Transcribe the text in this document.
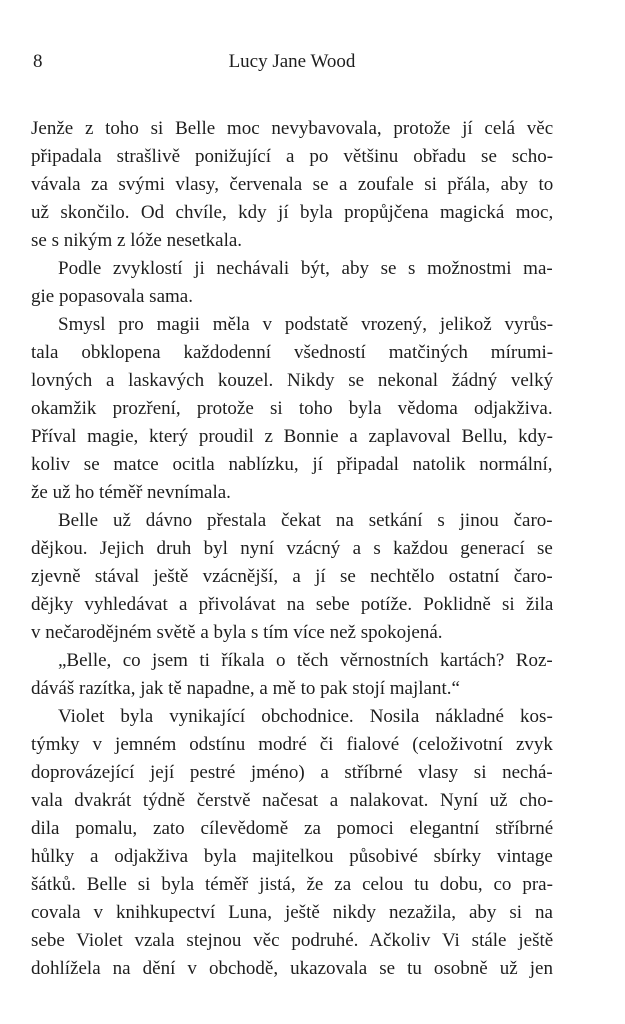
8	Lucy Jane Wood
Jenže z toho si Belle moc nevybavovala, protože jí celá věc
připadala strašlivě ponižující a po většinu obřadu se scho-
vávala za svými vlasy, červenala se a zoufale si přála, aby to
už skončilo. Od chvíle, kdy jí byla propůjčena magická moc,
se s nikým z lóže nesetkala.
Podle zvyklostí ji nechávali být, aby se s možnostmi ma-
gie popasovala sama.
Smysl pro magii měla v podstatě vrozený, jelikož vyrůs-
tala obklopena každodenní všedností matčiných mírumi-
lovných a laskavých kouzel. Nikdy se nekonal žádný velký
okamžik prozření, protože si toho byla vědoma odjakživa.
Příval magie, který proudil z Bonnie a zaplavoval Bellu, kdy-
koliv se matce ocitla nablízku, jí připadal natolik normální,
že už ho téměř nevnímala.
Belle už dávno přestala čekat na setkání s jinou čaro-
dějkou. Jejich druh byl nyní vzácný a s každou generací se
zjevně stával ještě vzácnější, a jí se nechtělo ostatní čaro-
dějky vyhledávat a přivolávat na sebe potíže. Poklidně si žila
v nečarodějném světě a byla s tím více než spokojená.
„Belle, co jsem ti říkala o těch věrnostních kartách? Roz-
dáváš razítka, jak tě napadne, a mě to pak stojí majlant.“
Violet byla vynikající obchodnice. Nosila nákladné kos-
týmky v jemném odstínu modré či fialové (celoživotní zvyk
doprovázející její pestré jméno) a stříbrné vlasy si nechá-
vala dvakrát týdně čerstvě načesat a nalakovat. Nyní už cho-
dila pomalu, zato cílevědomě za pomoci elegantní stříbrné
hůlky a odjakživa byla majitelkou působivé sbírky vintage
šátků. Belle si byla téměř jistá, že za celou tu dobu, co pra-
covala v knihkupectví Luna, ještě nikdy nezažila, aby si na
sebe Violet vzala stejnou věc podruhé. Ačkoliv Vi stále ještě
dohlížela na dění v obchodě, ukazovala se tu osobně už jen
